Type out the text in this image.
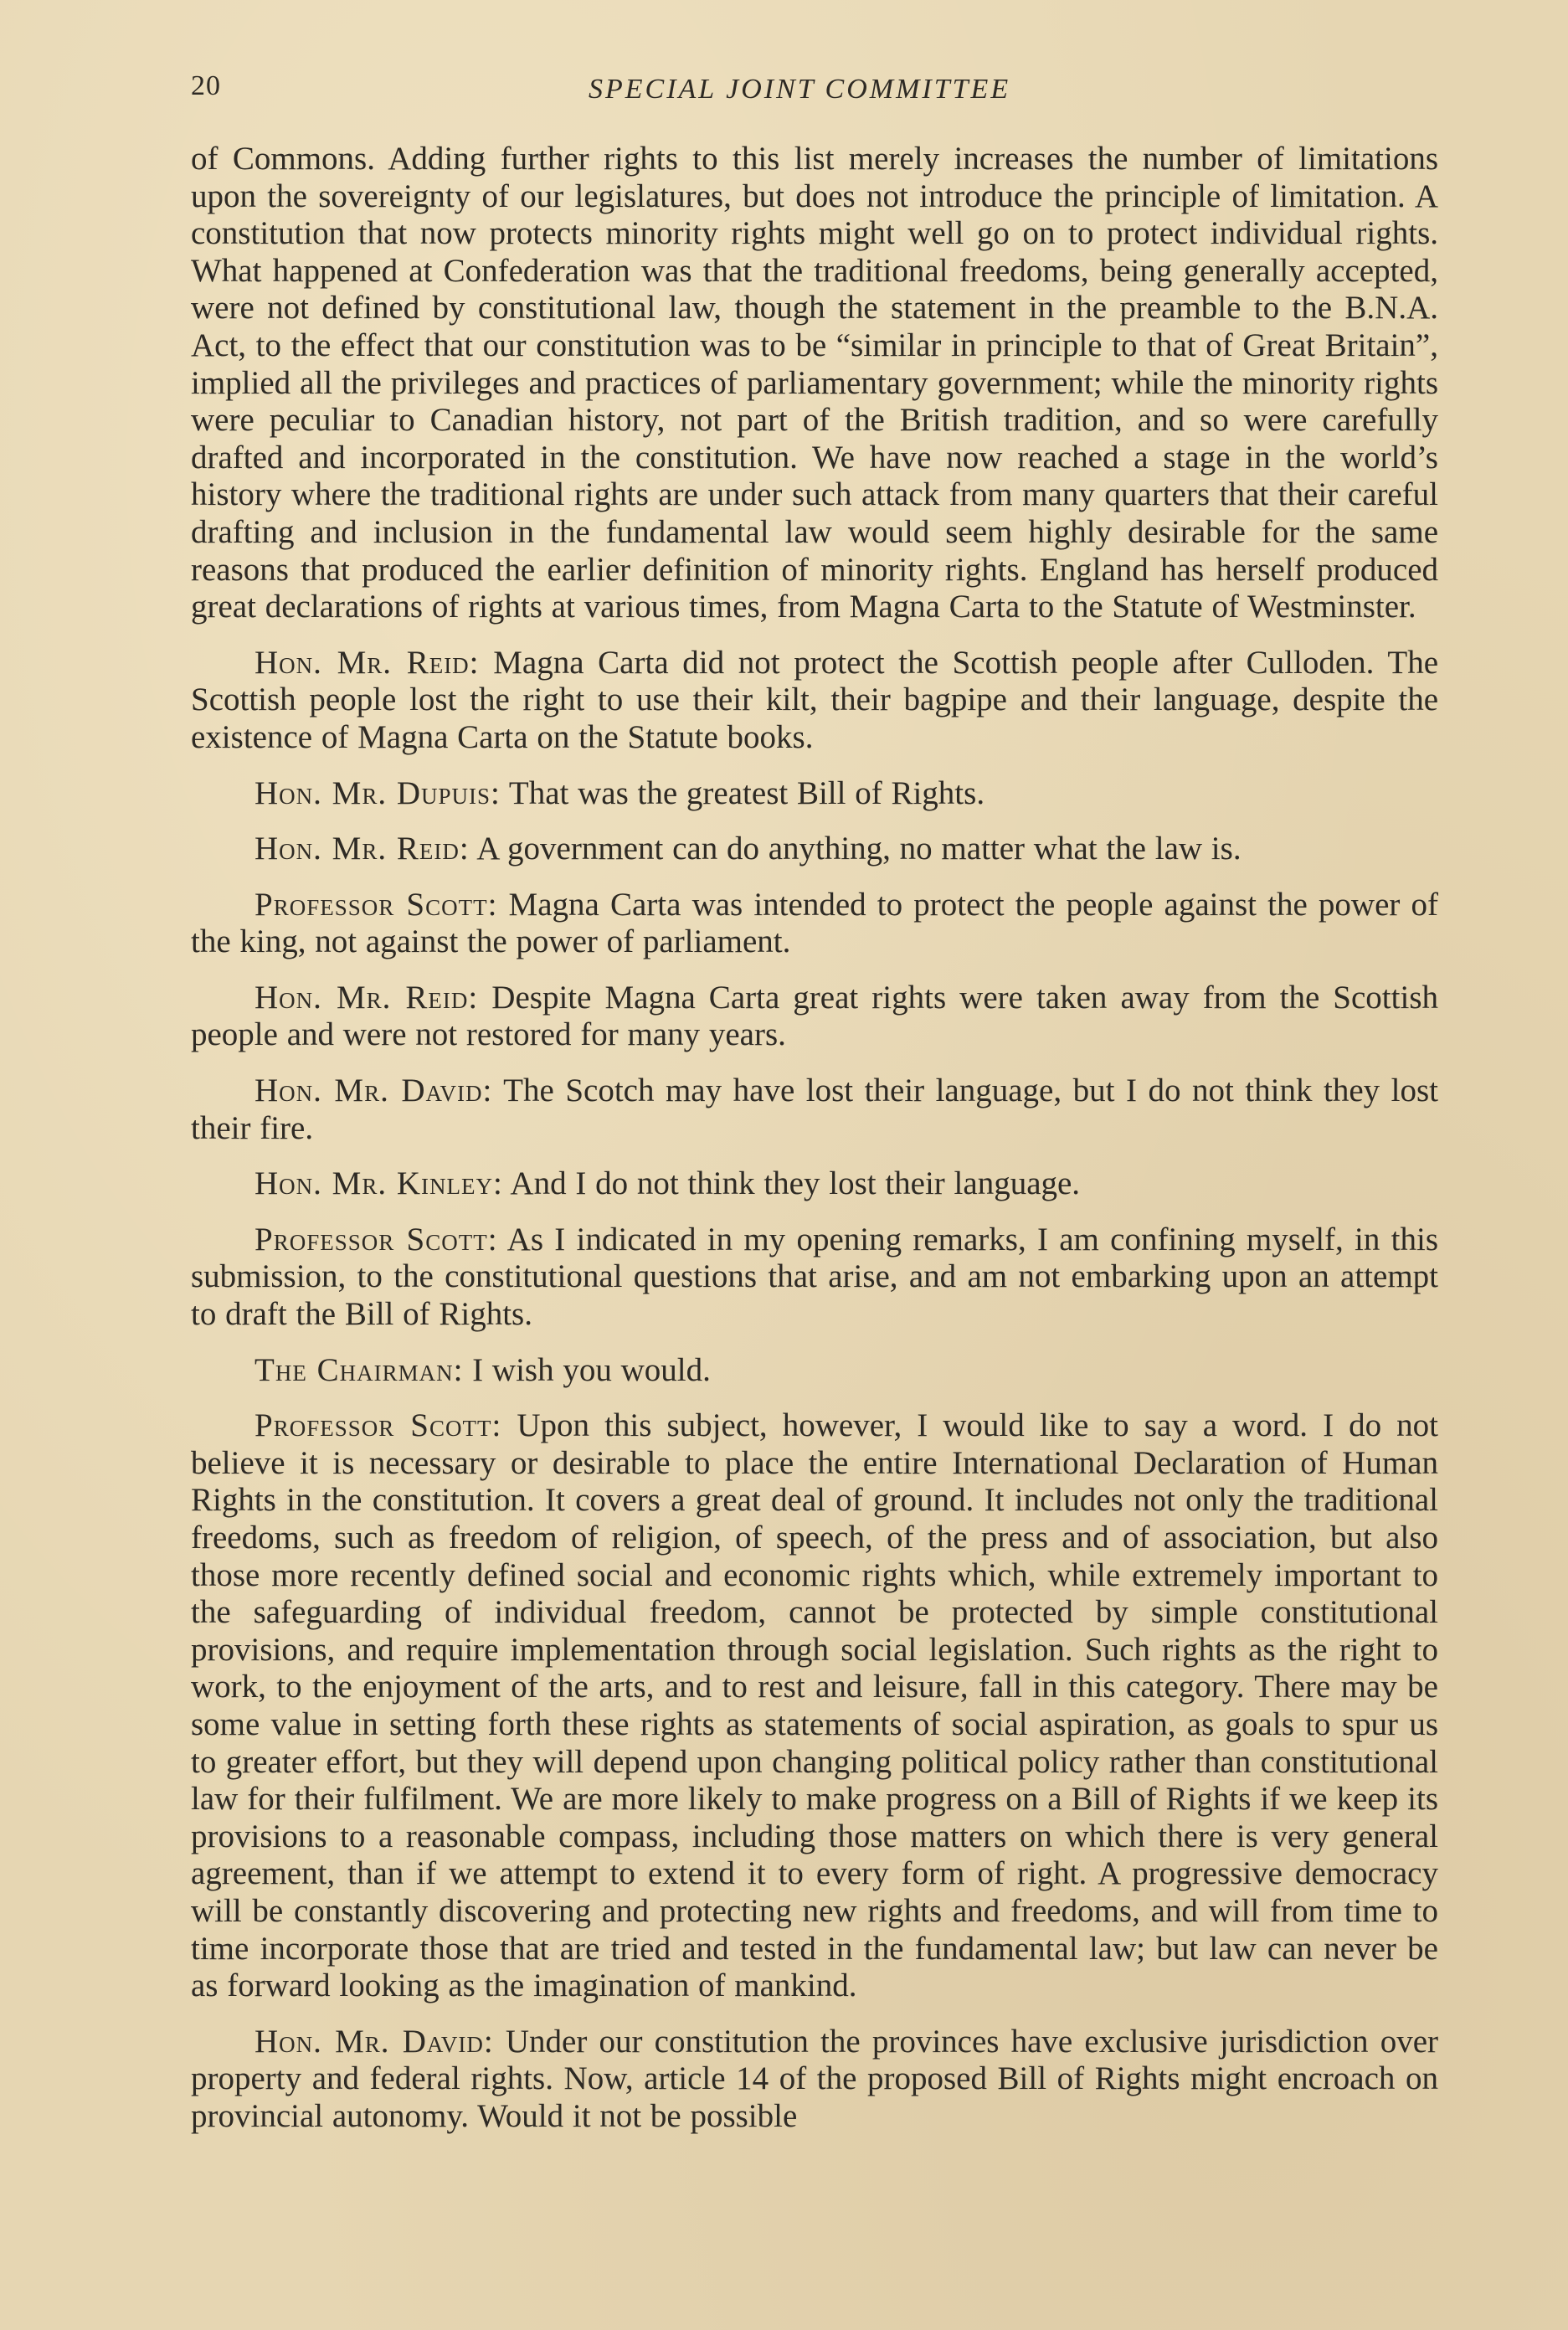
20	SPECIAL JOINT COMMITTEE

of Commons. Adding further rights to this list merely increases the number of limitations upon the sovereignty of our legislatures, but does not introduce the principle of limitation. A constitution that now protects minority rights might well go on to protect individual rights. What happened at Confederation was that the traditional freedoms, being generally accepted, were not defined by constitutional law, though the statement in the preamble to the B.N.A. Act, to the effect that our constitution was to be “similar in principle to that of Great Britain”, implied all the privileges and practices of parliamentary government; while the minority rights were peculiar to Canadian history, not part of the British tradition, and so were carefully drafted and incorporated in the constitution. We have now reached a stage in the world’s history where the traditional rights are under such attack from many quarters that their careful drafting and inclusion in the fundamental law would seem highly desirable for the same reasons that produced the earlier definition of minority rights. England has herself produced great declarations of rights at various times, from Magna Carta to the Statute of Westminster.

Hon. Mr. Reid: Magna Carta did not protect the Scottish people after Culloden. The Scottish people lost the right to use their kilt, their bagpipe and their language, despite the existence of Magna Carta on the Statute books.

Hon. Mr. Dupuis: That was the greatest Bill of Rights.

Hon. Mr. Reid: A government can do anything, no matter what the law is.

Professor Scott: Magna Carta was intended to protect the people against the power of the king, not against the power of parliament.

Hon. Mr. Reid: Despite Magna Carta great rights were taken away from the Scottish people and were not restored for many years.

Hon. Mr. David: The Scotch may have lost their language, but I do not think they lost their fire.

Hon. Mr. Kinley: And I do not think they lost their language.

Professor Scott: As I indicated in my opening remarks, I am confining myself, in this submission, to the constitutional questions that arise, and am not embarking upon an attempt to draft the Bill of Rights.

The Chairman: I wish you would.

Professor Scott: Upon this subject, however, I would like to say a word. I do not believe it is necessary or desirable to place the entire International Declaration of Human Rights in the constitution. It covers a great deal of ground. It includes not only the traditional freedoms, such as freedom of religion, of speech, of the press and of association, but also those more recently defined social and economic rights which, while extremely important to the safeguarding of individual freedom, cannot be protected by simple constitutional provisions, and require implementation through social legislation. Such rights as the right to work, to the enjoyment of the arts, and to rest and leisure, fall in this category. There may be some value in setting forth these rights as statements of social aspiration, as goals to spur us to greater effort, but they will depend upon changing political policy rather than constitutional law for their fulfilment. We are more likely to make progress on a Bill of Rights if we keep its provisions to a reasonable compass, including those matters on which there is very general agreement, than if we attempt to extend it to every form of right. A progressive democracy will be constantly discovering and protecting new rights and freedoms, and will from time to time incorporate those that are tried and tested in the fundamental law; but law can never be as forward looking as the imagination of mankind.

Hon. Mr. David: Under our constitution the provinces have exclusive jurisdiction over property and federal rights. Now, article 14 of the proposed Bill of Rights might encroach on provincial autonomy. Would it not be possible
